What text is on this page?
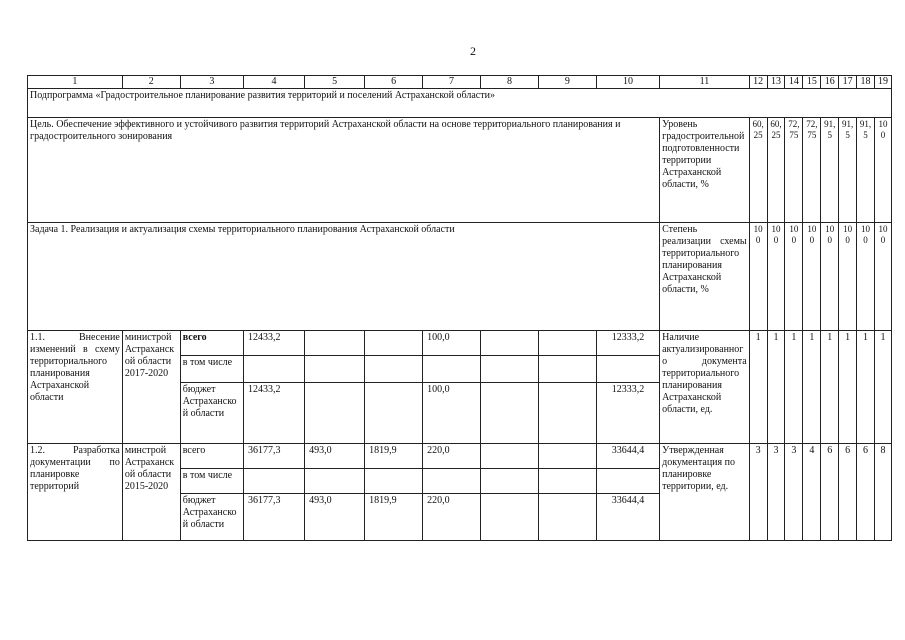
2
1	2	3	4	5	6	7	8	9	10	11	12	13	14	15	16	17	18	19
Подпрограмма «Градостроительное планирование развития территорий и поселений Астраханской области»																		
Цель. Обеспечение эффективного и устойчивого развития территорий Астраханской области на основе территориального планирования и градостроительного зонирования										Уровень градостроительной подготовленности территории Астраханской области, %	60,25	60,25	72,75	72,75	91,5	91,5	91,5	100
Задача 1. Реализация и актуализация схемы территориального планирования Астраханской области										Степень реализации схемы территориального планирования Астраханской области, %	100	100	100	100	100	100	100	100
1.1. Внесение изменений в схему территориального планирования Астраханской области	министрой Астраханской области 2017-2020	всего	12433,2			100,0			12333,2	Наличие актуализированного документа территориального планирования Астраханской области, ед.	1	1	1	1	1	1	1	1
		в том числе																
		бюджет Астраханской области	12433,2			100,0			12333,2									
1.2. Разработка документации по планировке территорий	минстрой Астраханской области 2015-2020	всего	36177,3	493,0	1819,9	220,0			33644,4	Утвержденная документация по планировке территории, ед.	3	3	3	4	6	6	6	8
		в том числе																
		бюджет Астраханской области	36177,3	493,0	1819,9	220,0			33644,4									
